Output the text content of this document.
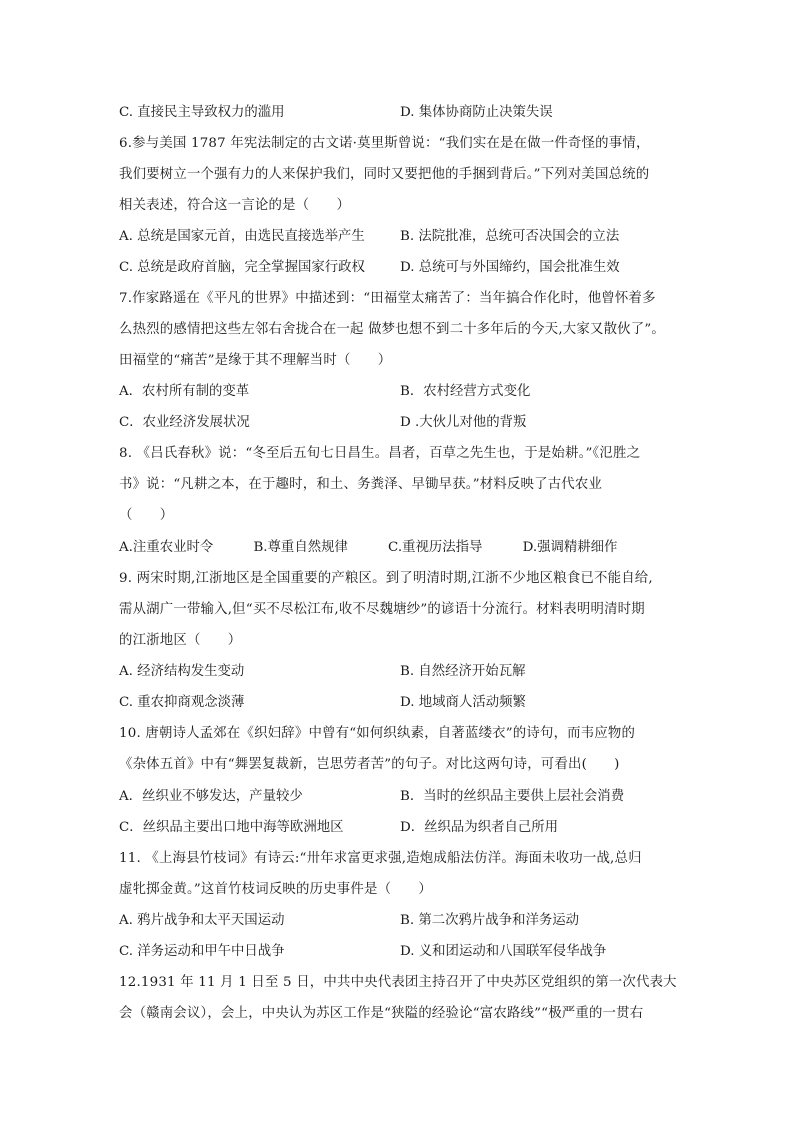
C. 直接民主导致权力的滥用	D. 集体协商防止决策失误
6.参与美国 1787 年宪法制定的古文诺·莫里斯曾说：“我们实在是在做一件奇怪的事情，
我们要树立一个强有力的人来保护我们，同时又要把他的手捆到背后。”下列对美国总统的
相关表述，符合这一言论的是（　　）
A. 总统是国家元首，由选民直接选举产生	B. 法院批准，总统可否决国会的立法
C. 总统是政府首脑，完全掌握国家行政权	D. 总统可与外国缔约，国会批准生效
7.作家路遥在《平凡的世界》中描述到：“田福堂太痛苦了：当年搞合作化时，他曾怀着多
么热烈的感情把这些左邻右舍拢合在一起 做梦也想不到二十多年后的今天,大家又散伙了”。
田福堂的“痛苦”是缘于其不理解当时（　　）
A．农村所有制的变革	B．农村经营方式变化
C．农业经济发展状况	D .大伙儿对他的背叛
8. 《吕氏春秋》说：“冬至后五旬七日昌生。昌者，百草之先生也，于是始耕。”《氾胜之
书》说：“凡耕之本，在于趣时，和土、务粪泽、早锄早获。”材料反映了古代农业
（　　）
A.注重农业时令　　　B.尊重自然规律　　　C.重视历法指导　　　D.强调精耕细作
9. 两宋时期,江浙地区是全国重要的产粮区。到了明清时期,江浙不少地区粮食已不能自给,
需从湖广一带输入,但“买不尽松江布,收不尽魏塘纱”的谚语十分流行。材料表明明清时期
的江浙地区（　　）
A. 经济结构发生变动	B. 自然经济开始瓦解
C. 重农抑商观念淡薄	D. 地域商人活动频繁
10. 唐朝诗人孟郊在《织妇辞》中曾有“如何织纨素，自著蓝缕衣”的诗句，而韦应物的
《杂体五首》中有“舞罢复裁新，岂思劳者苦”的句子。对比这两句诗，可看出(　　)
A．丝织业不够发达，产量较少	B．当时的丝织品主要供上层社会消费
C．丝织品主要出口地中海等欧洲地区	D．丝织品为织者自己所用
11. 《上海县竹枝词》有诗云:“卅年求富更求强,造炮成船法仿洋。海面未收功一战,总归
虚牝掷金黄。”这首竹枝词反映的历史事件是（　　）
A. 鸦片战争和太平天国运动	B. 第二次鸦片战争和洋务运动
C. 洋务运动和甲午中日战争	D. 义和团运动和八国联军侵华战争
12.1931 年 11 月 1 日至 5 日，中共中央代表团主持召开了中央苏区党组织的第一次代表大
会（赣南会议），会上，中央认为苏区工作是“狭隘的经验论“富农路线”“极严重的一贯右
